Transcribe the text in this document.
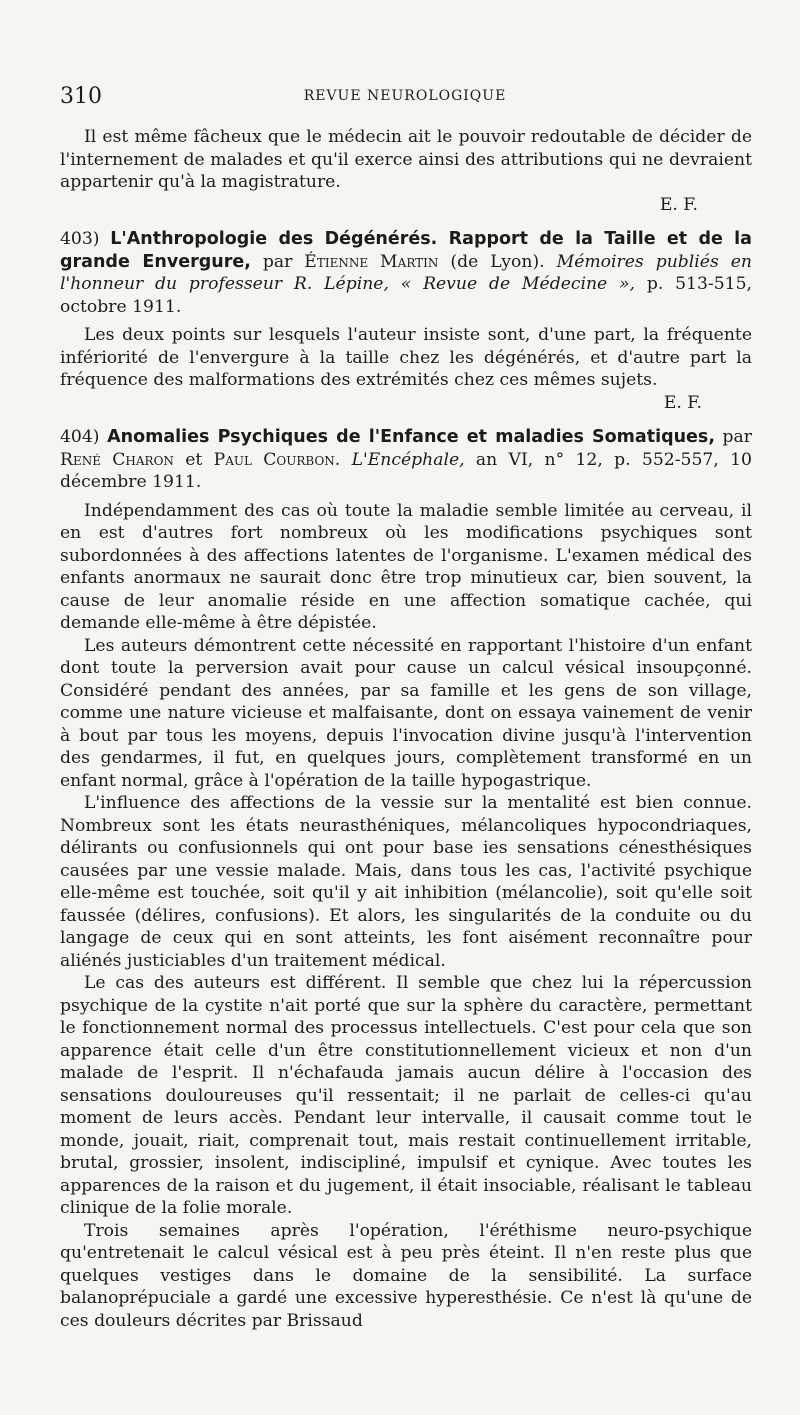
310	REVUE NEUROLOGIQUE

Il est même fâcheux que le médecin ait le pouvoir redoutable de décider de l'internement de malades et qu'il exerce ainsi des attributions qui ne devraient appartenir qu'à la magistrature.

E. F.

403) L'Anthropologie des Dégénérés. Rapport de la Taille et de la grande Envergure, par Étienne Martin (de Lyon). Mémoires publiés en l'honneur du professeur R. Lépine, « Revue de Médecine », p. 513-515, octobre 1911.

Les deux points sur lesquels l'auteur insiste sont, d'une part, la fréquente infériorité de l'envergure à la taille chez les dégénérés, et d'autre part la fréquence des malformations des extrémités chez ces mêmes sujets.

E. F.

404) Anomalies Psychiques de l'Enfance et maladies Somatiques, par René Charon et Paul Courbon. L'Encéphale, an VI, n° 12, p. 552-557, 10 décembre 1911.

Indépendamment des cas où toute la maladie semble limitée au cerveau, il en est d'autres fort nombreux où les modifications psychiques sont subordonnées à des affections latentes de l'organisme. L'examen médical des enfants anormaux ne saurait donc être trop minutieux car, bien souvent, la cause de leur anomalie réside en une affection somatique cachée, qui demande elle-même à être dépistée.

Les auteurs démontrent cette nécessité en rapportant l'histoire d'un enfant dont toute la perversion avait pour cause un calcul vésical insoupçonné. Considéré pendant des années, par sa famille et les gens de son village, comme une nature vicieuse et malfaisante, dont on essaya vainement de venir à bout par tous les moyens, depuis l'invocation divine jusqu'à l'intervention des gendarmes, il fut, en quelques jours, complètement transformé en un enfant normal, grâce à l'opération de la taille hypogastrique.

L'influence des affections de la vessie sur la mentalité est bien connue. Nombreux sont les états neurasthéniques, mélancoliques hypocondriaques, délirants ou confusionnels qui ont pour base ies sensations cénesthésiques causées par une vessie malade. Mais, dans tous les cas, l'activité psychique elle-même est touchée, soit qu'il y ait inhibition (mélancolie), soit qu'elle soit faussée (délires, confusions). Et alors, les singularités de la conduite ou du langage de ceux qui en sont atteints, les font aisément reconnaître pour aliénés justiciables d'un traitement médical.

Le cas des auteurs est différent. Il semble que chez lui la répercussion psychique de la cystite n'ait porté que sur la sphère du caractère, permettant le fonctionnement normal des processus intellectuels. C'est pour cela que son apparence était celle d'un être constitutionnellement vicieux et non d'un malade de l'esprit. Il n'échafauda jamais aucun délire à l'occasion des sensations douloureuses qu'il ressentait; il ne parlait de celles-ci qu'au moment de leurs accès. Pendant leur intervalle, il causait comme tout le monde, jouait, riait, comprenait tout, mais restait continuellement irritable, brutal, grossier, insolent, indiscipliné, impulsif et cynique. Avec toutes les apparences de la raison et du jugement, il était insociable, réalisant le tableau clinique de la folie morale.

Trois semaines après l'opération, l'éréthisme neuro-psychique qu'entretenait le calcul vésical est à peu près éteint. Il n'en reste plus que quelques vestiges dans le domaine de la sensibilité. La surface balanoprépuciale a gardé une excessive hyperesthésie. Ce n'est là qu'une de ces douleurs décrites par Brissaud
